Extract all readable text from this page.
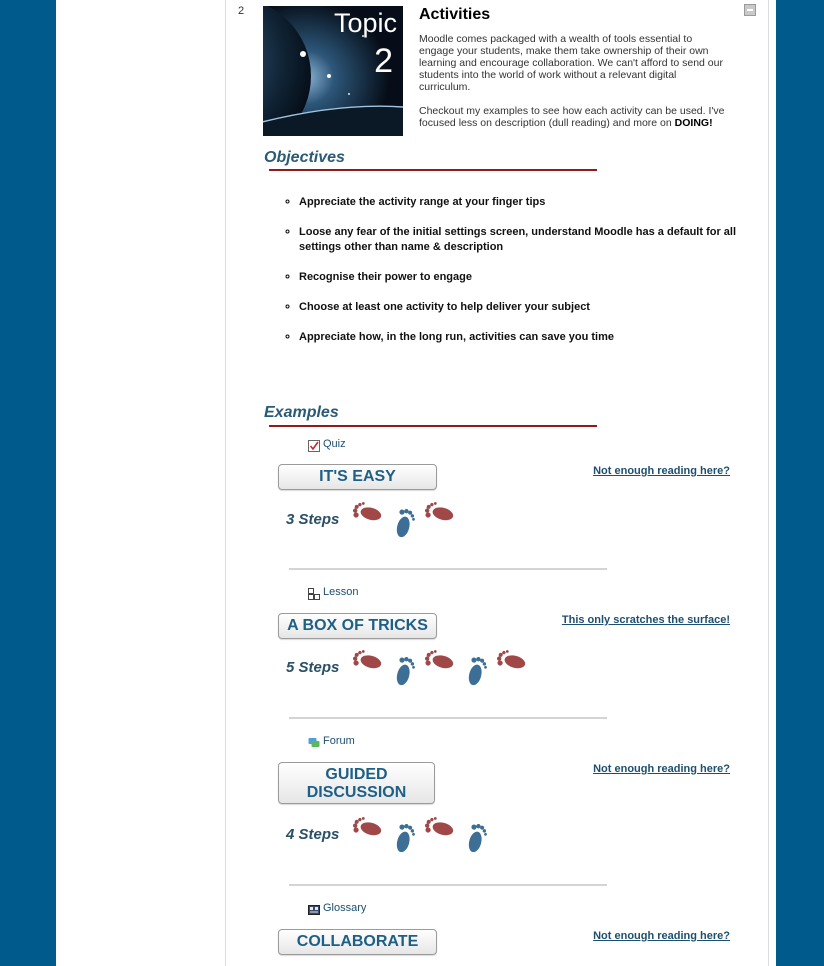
2	Topic
2
Activities

Moodle comes packaged with a wealth of tools essential to engage your students, make them take ownership of their own learning and encourage collaboration. We can't afford to send our students into the world of work without a relevant digital curriculum.

Checkout my examples to see how each activity can be used. I've focused less on description (dull reading) and more on DOING!

Objectives
◦ Appreciate the activity range at your finger tips
◦ Loose any fear of the initial settings screen, understand Moodle has a default for all settings other than name & description
◦ Recognise their power to engage
◦ Choose at least one activity to help deliver your subject
◦ Appreciate how, in the long run, activities can save you time
Examples
Quiz
IT'S EASY	Not enough reading here?
3 Steps
Lesson
A BOX OF TRICKS	This only scratches the surface!
5 Steps
Forum
GUIDED DISCUSSION
Not enough reading here?
4 Steps
Glossary
COLLABORATE	Not enough reading here?
